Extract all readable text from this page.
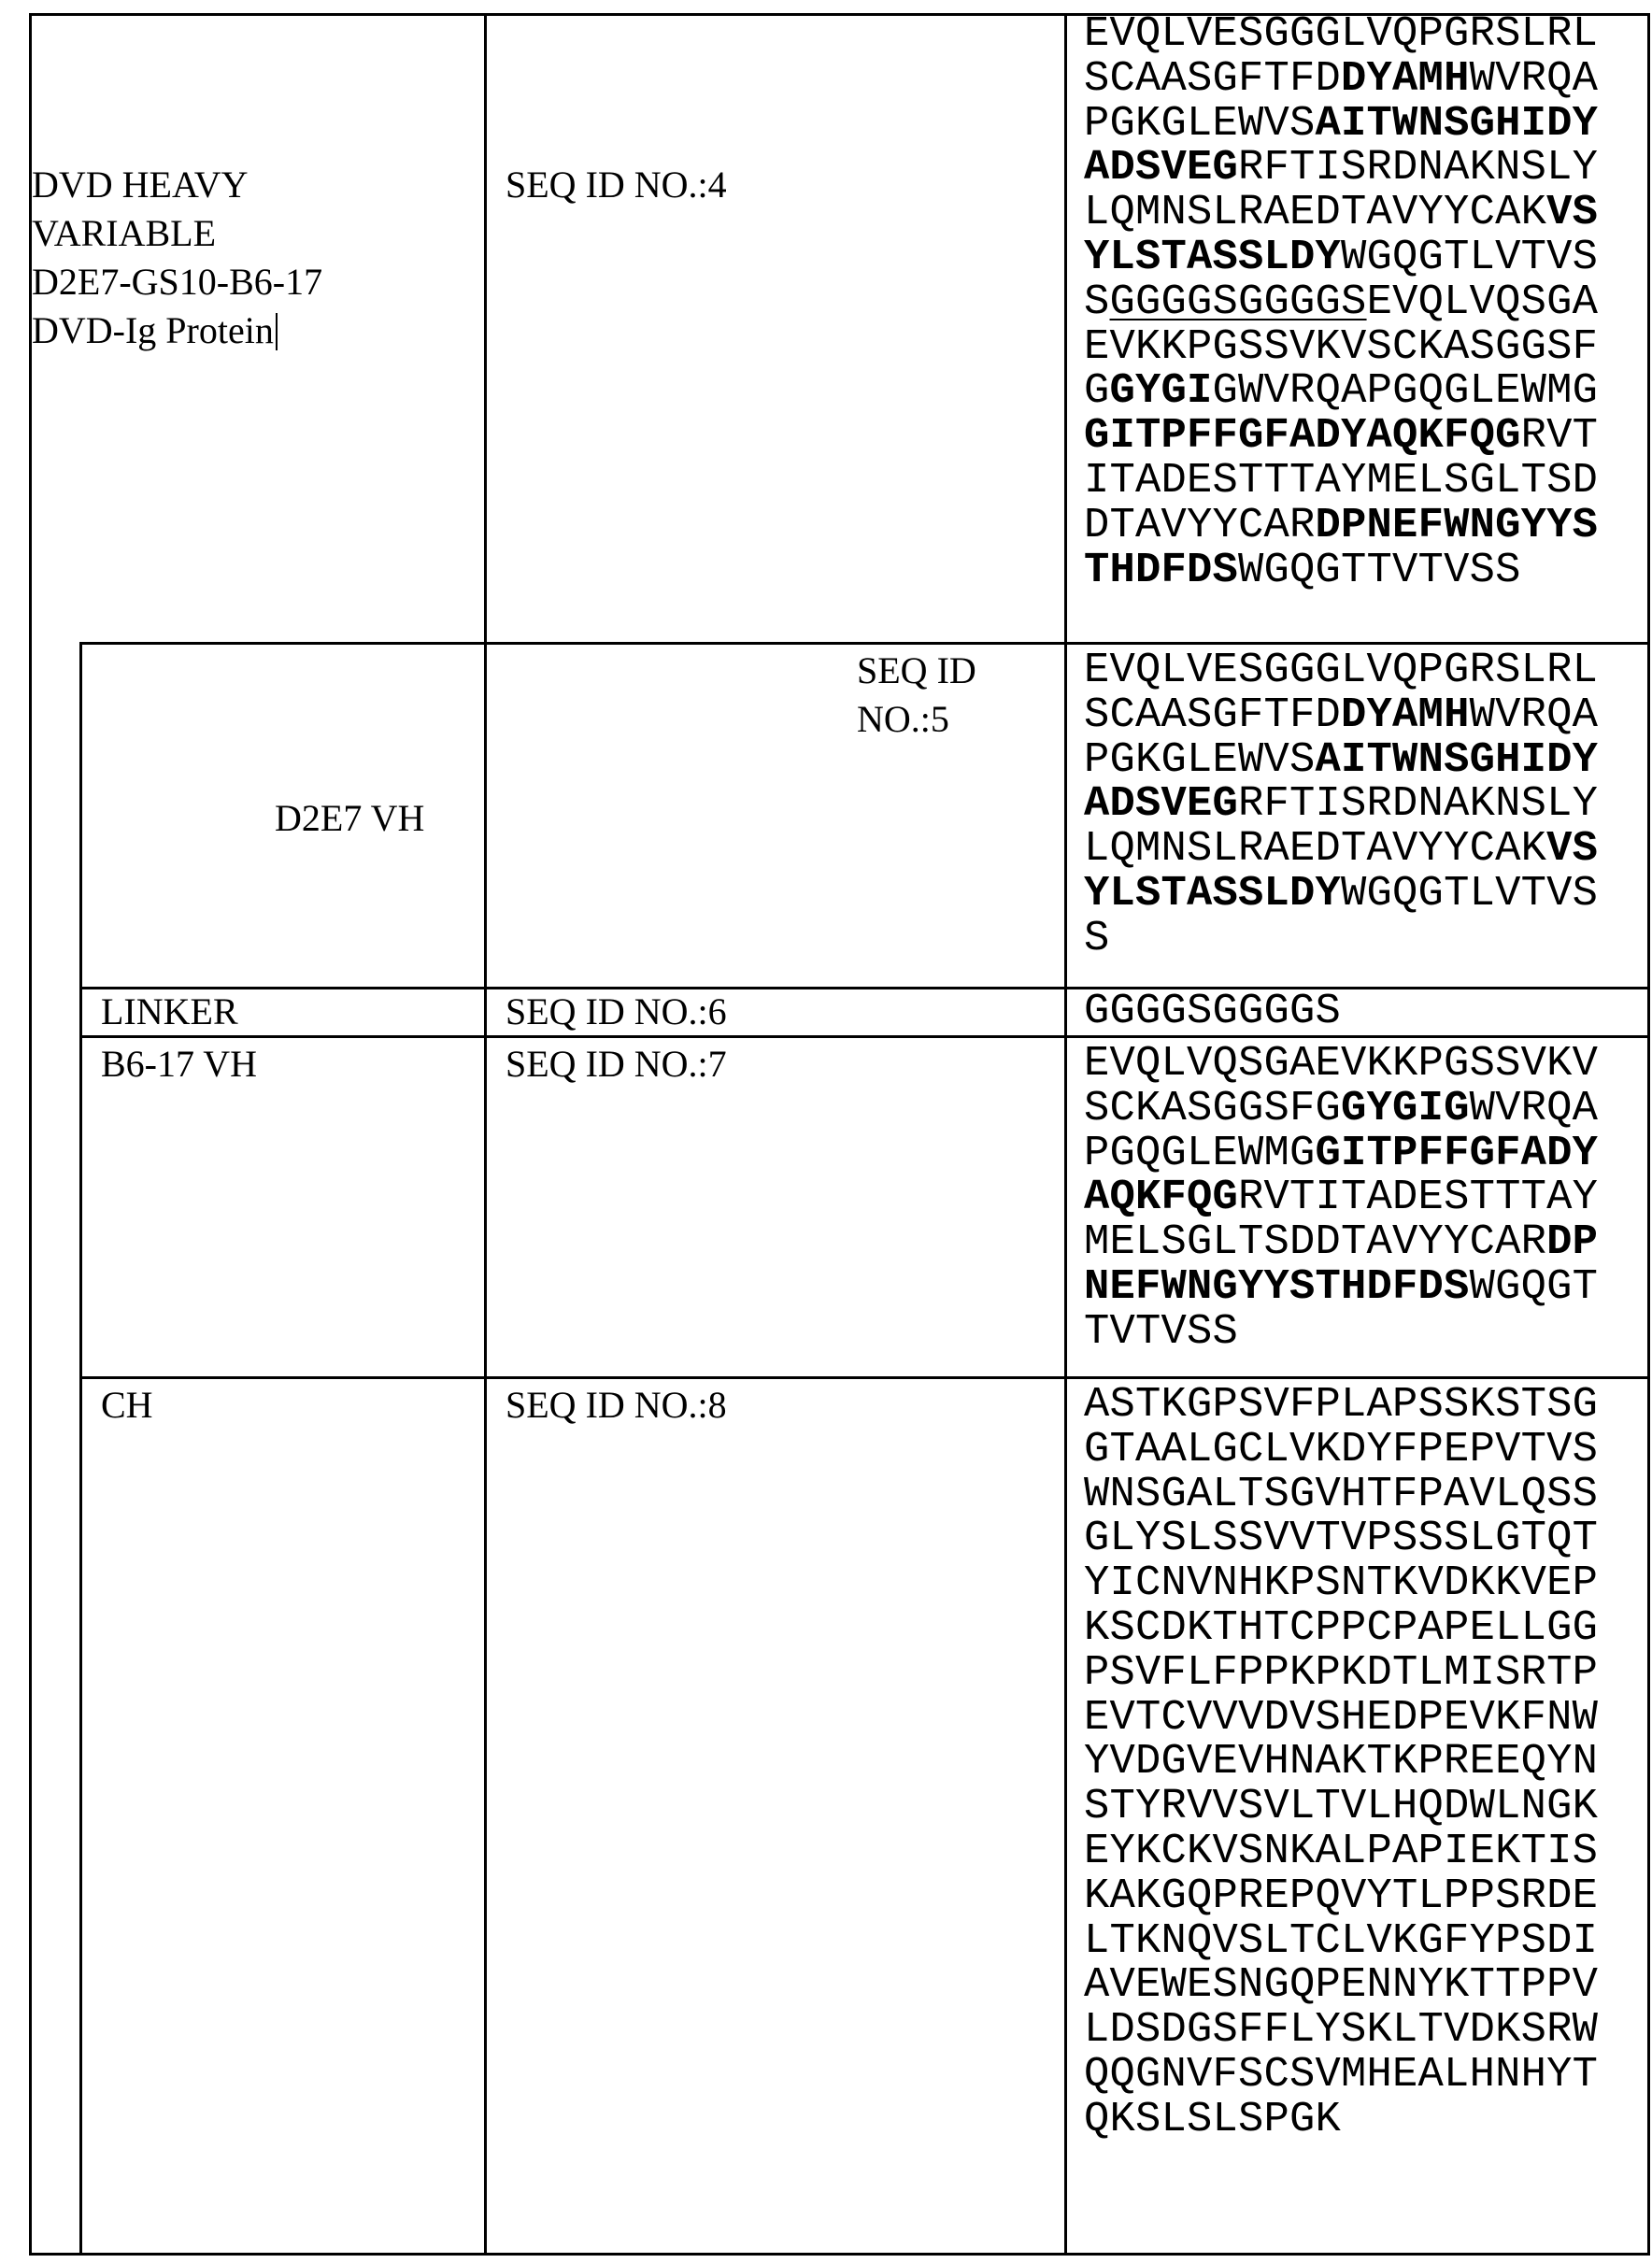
DVD HEAVY
VARIABLE
D2E7-GS10-B6-17
DVD-Ig Protein
SEQ ID NO.:4
EVQLVESGGGLVQPGRSLRL
SCAASGFTFDDYAMHWVRQA
PGKGLEWVSAITWNSGHIDY
ADSVEGRFTISRDNAKNSLY
LQMNSLRAEDTAVYYCAKVS
YLSTASSLDYWGQGTLVTVS
SGGGGSGGGGSEVQLVQSGA
EVKKPGSSVKVSCKASGGSF
GGYGIGWVRQAPGQGLEWMG
GITPFFGFADYAQKFQGRVT
ITADESTTTAYMELSGLTSD
DTAVYYCARDPNEFWNGYYS
THDFDSWGQGTTVTVSS
D2E7 VH
SEQ ID
NO.:5
EVQLVESGGGLVQPGRSLRL
SCAASGFTFDDYAMHWVRQA
PGKGLEWVSAITWNSGHIDY
ADSVEGRFTISRDNAKNSLY
LQMNSLRAEDTAVYYCAKVS
YLSTASSLDYWGQGTLVTVS
S
LINKER	SEQ ID NO.:6	GGGGSGGGGS
B6-17 VH	SEQ ID NO.:7	EVQLVQSGAEVKKPGSSVKV
SCKASGGSFGGYGIGWVRQA
PGQGLEWMGGITPFFGFADY
AQKFQGRVTITADESTTTAY
MELSGLTSDDTAVYYCARDP
NEFWNGYYSTHDFDSWGQGT
TVTVSS
CH	SEQ ID NO.:8	ASTKGPSVFPLAPSSKSTSG
GTAALGCLVKDYFPEPVTVS
WNSGALTSGVHTFPAVLQSS
GLYSLSSVVTVPSSSLGTQT
YICNVNHKPSNTKVDKKVEP
KSCDKTHTCPPCPAPELLGG
PSVFLFPPKPKDTLMISRTP
EVTCVVVDVSHEDPEVKFNW
YVDGVEVHNAKTKPREEQYN
STYRVVSVLTVLHQDWLNGK
EYKCKVSNKALPAPIEKTIS
KAKGQPREPQVYTLPPSRDE
LTKNQVSLTCLVKGFYPSDI
AVEWESNGQPENNYKTTPPV
LDSDGSFFLYSKLTVDKSRW
QQGNVFSCSVMHEALHNHYT
QKSLSLSPGK
